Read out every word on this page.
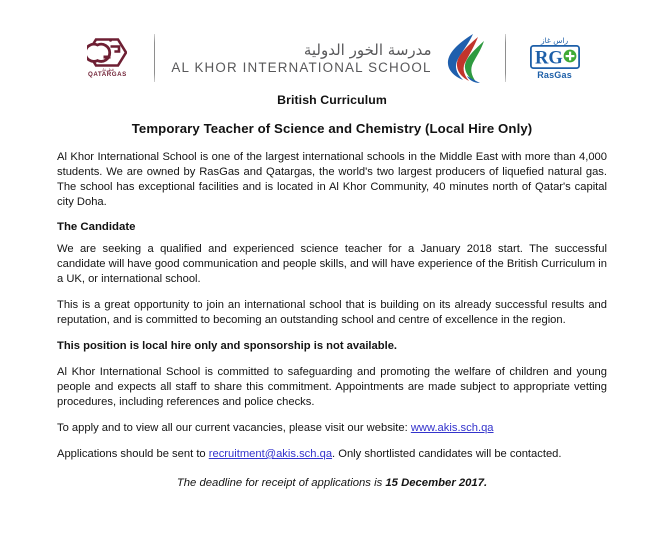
قطرغاز
QATARGAS
مدرسة الخور الدولية
AL KHOR INTERNATIONAL SCHOOL
راس غاز
RG
RasGas
British Curriculum
Temporary Teacher of Science and Chemistry (Local Hire Only)

Al Khor International School is one of the largest international schools in the Middle East with more than 4,000 students. We are owned by RasGas and Qatargas, the world's two largest producers of liquefied natural gas. The school has exceptional facilities and is located in Al Khor Community, 40 minutes north of Qatar's capital city Doha.

The Candidate

We are seeking a qualified and experienced science teacher for a January 2018 start. The successful candidate will have good communication and people skills, and will have experience of the British Curriculum in a UK, or international school.

This is a great opportunity to join an international school that is building on its already successful results and reputation, and is committed to becoming an outstanding school and centre of excellence in the region.

This position is local hire only and sponsorship is not available.

Al Khor International School is committed to safeguarding and promoting the welfare of children and young people and expects all staff to share this commitment. Appointments are made subject to appropriate vetting procedures, including references and police checks.

To apply and to view all our current vacancies, please visit our website: www.akis.sch.qa

Applications should be sent to recruitment@akis.sch.qa. Only shortlisted candidates will be contacted.

The deadline for receipt of applications is 15 December 2017.
